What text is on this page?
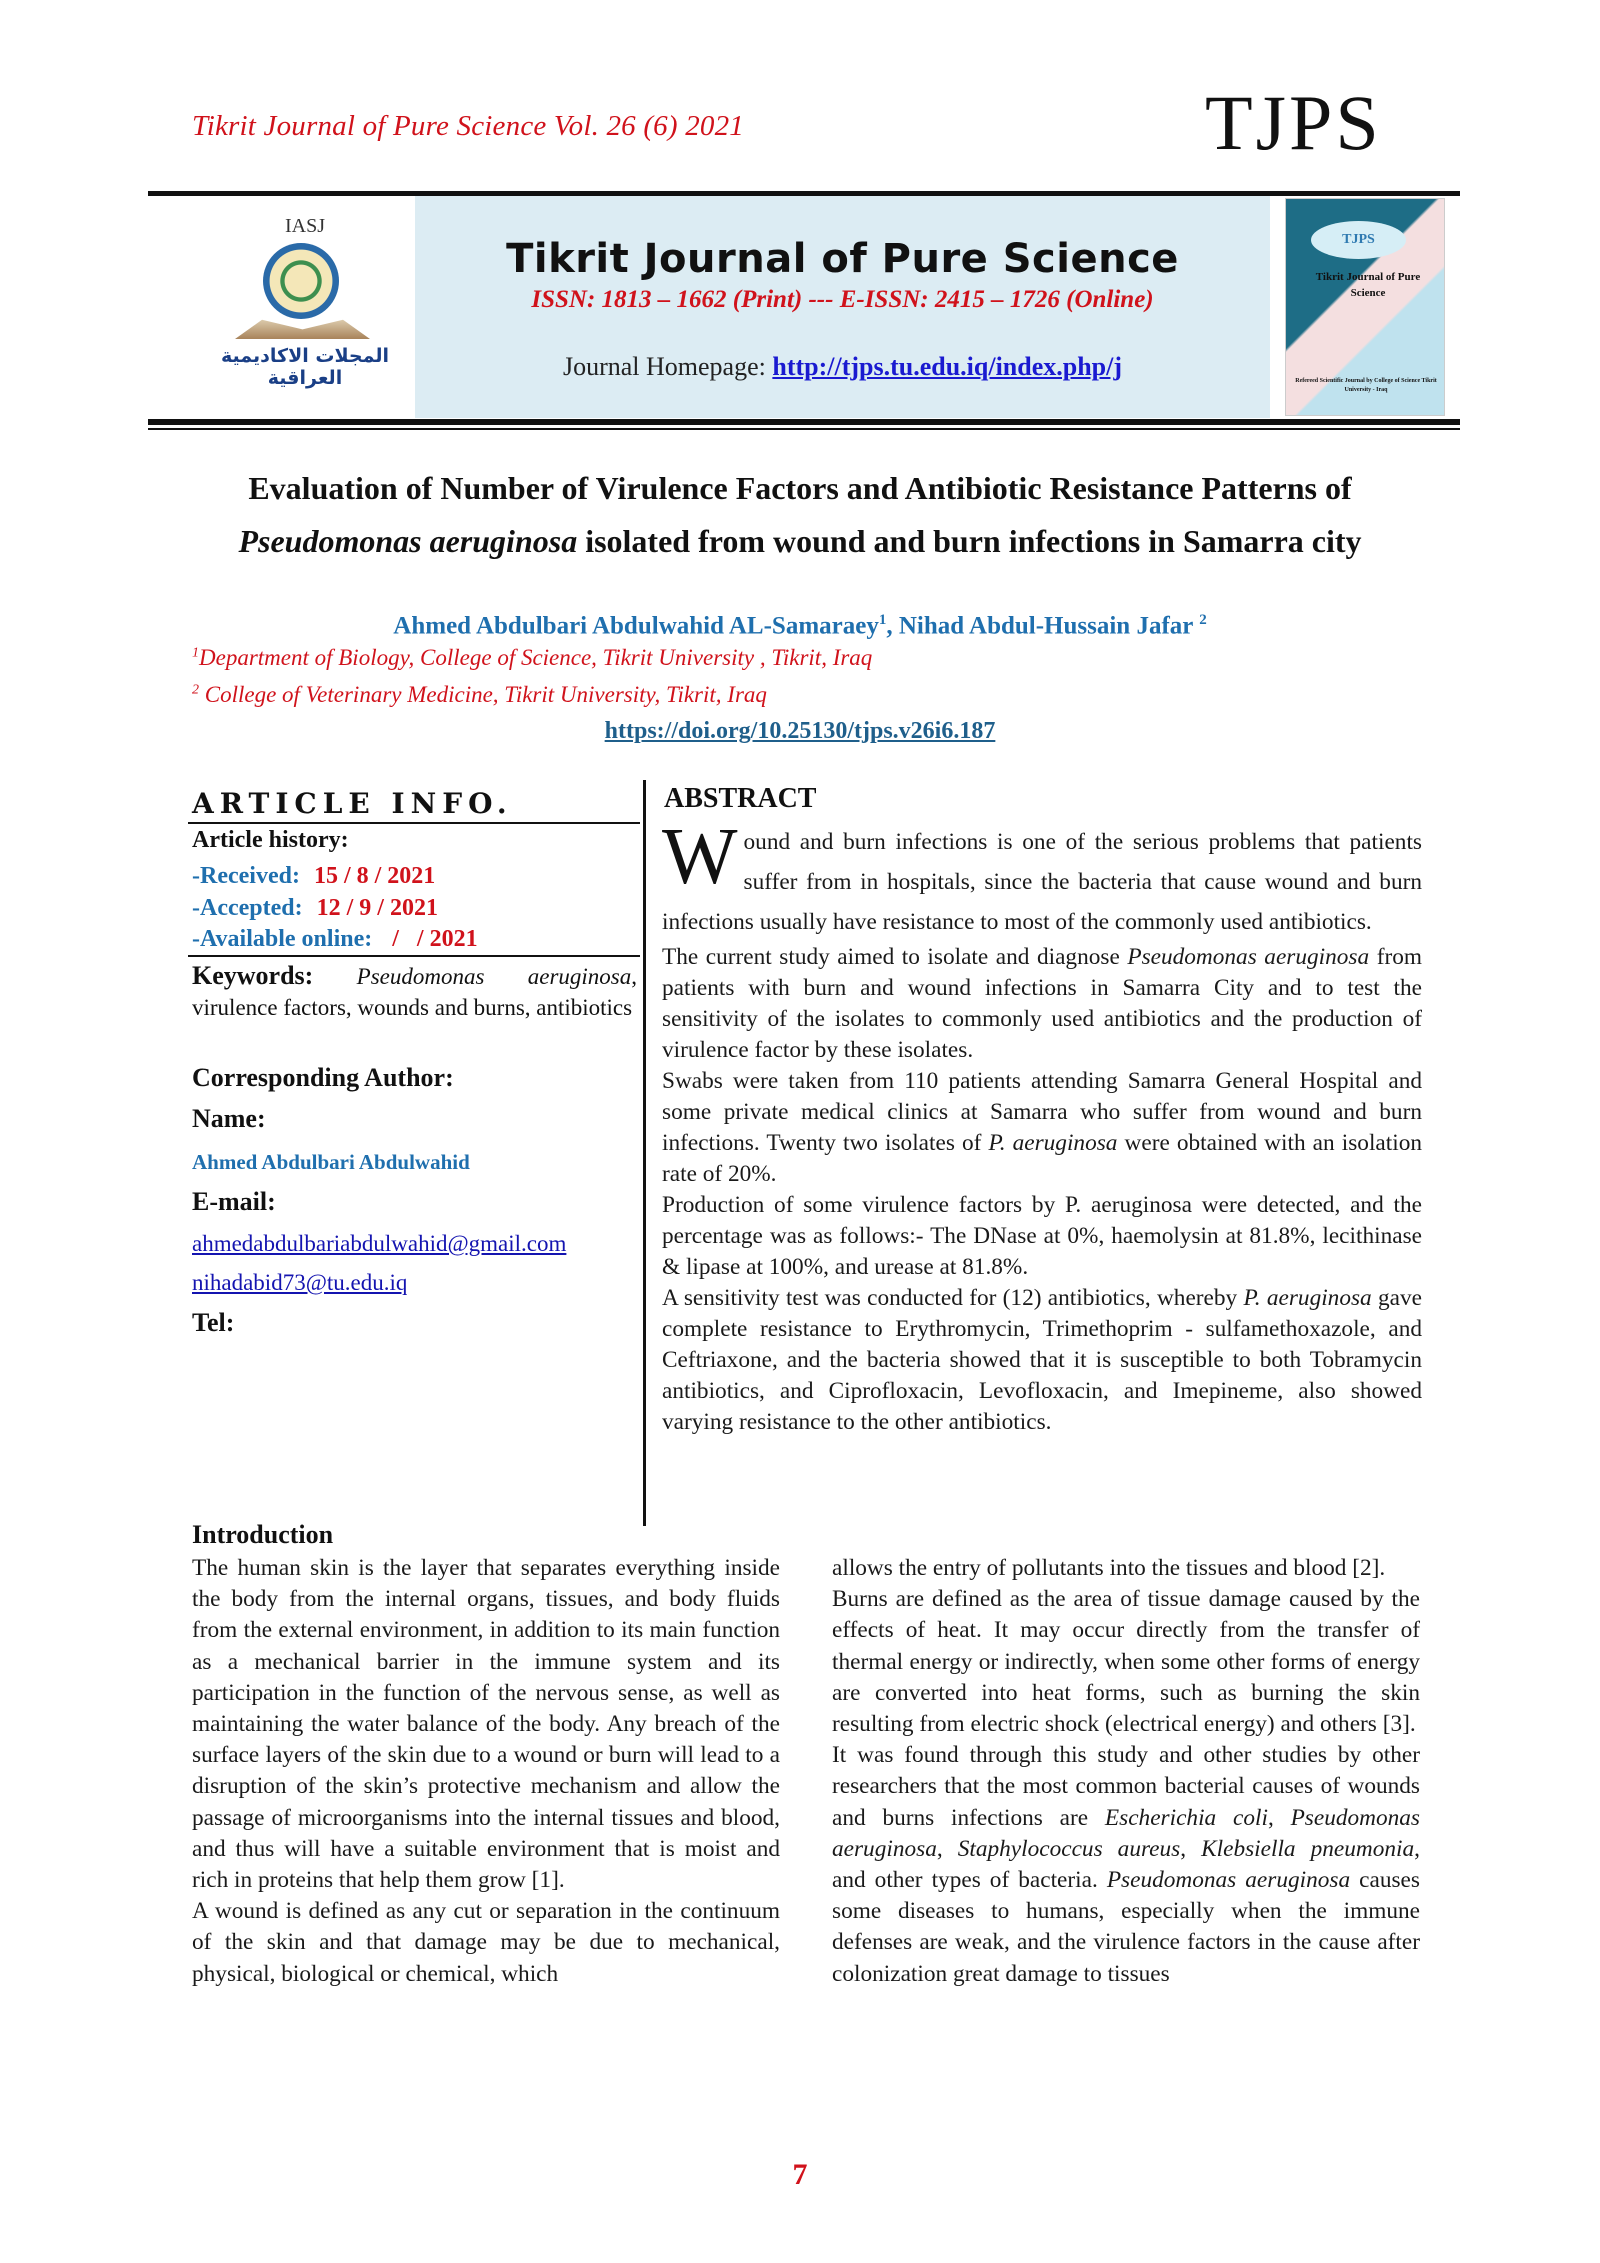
Tikrit Journal of Pure Science Vol. 26 (6) 2021	TJPS
IASJ
المجلات الاكاديمية العراقية
Tikrit Journal of Pure Science
ISSN: 1813 – 1662 (Print) --- E-ISSN: 2415 – 1726 (Online)
Journal Homepage: http://tjps.tu.edu.iq/index.php/j
TJPS
Tikrit Journal of Pure Science
Refereed Scientific Journal by College of Science Tikrit University - Iraq
Evaluation of Number of Virulence Factors and Antibiotic Resistance Patterns of Pseudomonas aeruginosa isolated from wound and burn infections in Samarra city
Ahmed Abdulbari Abdulwahid AL-Samaraey$^1$, Nihad Abdul-Hussain Jafar $^2$
$^1$Department of Biology, College of Science, Tikrit University , Tikrit, Iraq
$^2$ College of Veterinary Medicine, Tikrit University, Tikrit, Iraq
https://doi.org/10.25130/tjps.v26i6.187
ARTICLE INFO.
Article history:
-Received: 15 / 8 / 2021
-Accepted: 12 / 9 / 2021
-Available online: /   / 2021
Keywords: Pseudomonas aeruginosa, virulence factors, wounds and burns, antibiotics
Corresponding Author:
Name:
Ahmed Abdulbari Abdulwahid
E-mail:
ahmedabdulbariabdulwahid@gmail.com
nihadabid73@tu.edu.iq
Tel:
ABSTRACT

Wound and burn infections is one of the serious problems that patients suffer from in hospitals, since the bacteria that cause wound and burn infections usually have resistance to most of the commonly used antibiotics.

The current study aimed to isolate and diagnose Pseudomonas aeruginosa from patients with burn and wound infections in Samarra City and to test the sensitivity of the isolates to commonly used antibiotics and the production of virulence factor by these isolates.

Swabs were taken from 110 patients attending Samarra General Hospital and some private medical clinics at Samarra who suffer from wound and burn infections. Twenty two isolates of P. aeruginosa were obtained with an isolation rate of 20%.

Production of some virulence factors by P. aeruginosa were detected, and the percentage was as follows:- The DNase at 0%, haemolysin at 81.8%, lecithinase & lipase at 100%, and urease at 81.8%.

A sensitivity test was conducted for (12) antibiotics, whereby P. aeruginosa gave complete resistance to Erythromycin, Trimethoprim - sulfamethoxazole, and Ceftriaxone, and the bacteria showed that it is susceptible to both Tobramycin antibiotics, and Ciprofloxacin, Levofloxacin, and Imepineme, also showed varying resistance to the other antibiotics.

Introduction

The human skin is the layer that separates everything inside the body from the internal organs, tissues, and body fluids from the external environment, in addition to its main function as a mechanical barrier in the immune system and its participation in the function of the nervous sense, as well as maintaining the water balance of the body. Any breach of the surface layers of the skin due to a wound or burn will lead to a disruption of the skin’s protective mechanism and allow the passage of microorganisms into the internal tissues and blood, and thus will have a suitable environment that is moist and rich in proteins that help them grow [1].

A wound is defined as any cut or separation in the continuum of the skin and that damage may be due to mechanical, physical, biological or chemical, which

allows the entry of pollutants into the tissues and blood [2].

Burns are defined as the area of tissue damage caused by the effects of heat. It may occur directly from the transfer of thermal energy or indirectly, when some other forms of energy are converted into heat forms, such as burning the skin resulting from electric shock (electrical energy) and others [3].

It was found through this study and other studies by other researchers that the most common bacterial causes of wounds and burns infections are Escherichia coli, Pseudomonas aeruginosa, Staphylococcus aureus, Klebsiella pneumonia, and other types of bacteria. Pseudomonas aeruginosa causes some diseases to humans, especially when the immune defenses are weak, and the virulence factors in the cause after colonization great damage to tissues

7
